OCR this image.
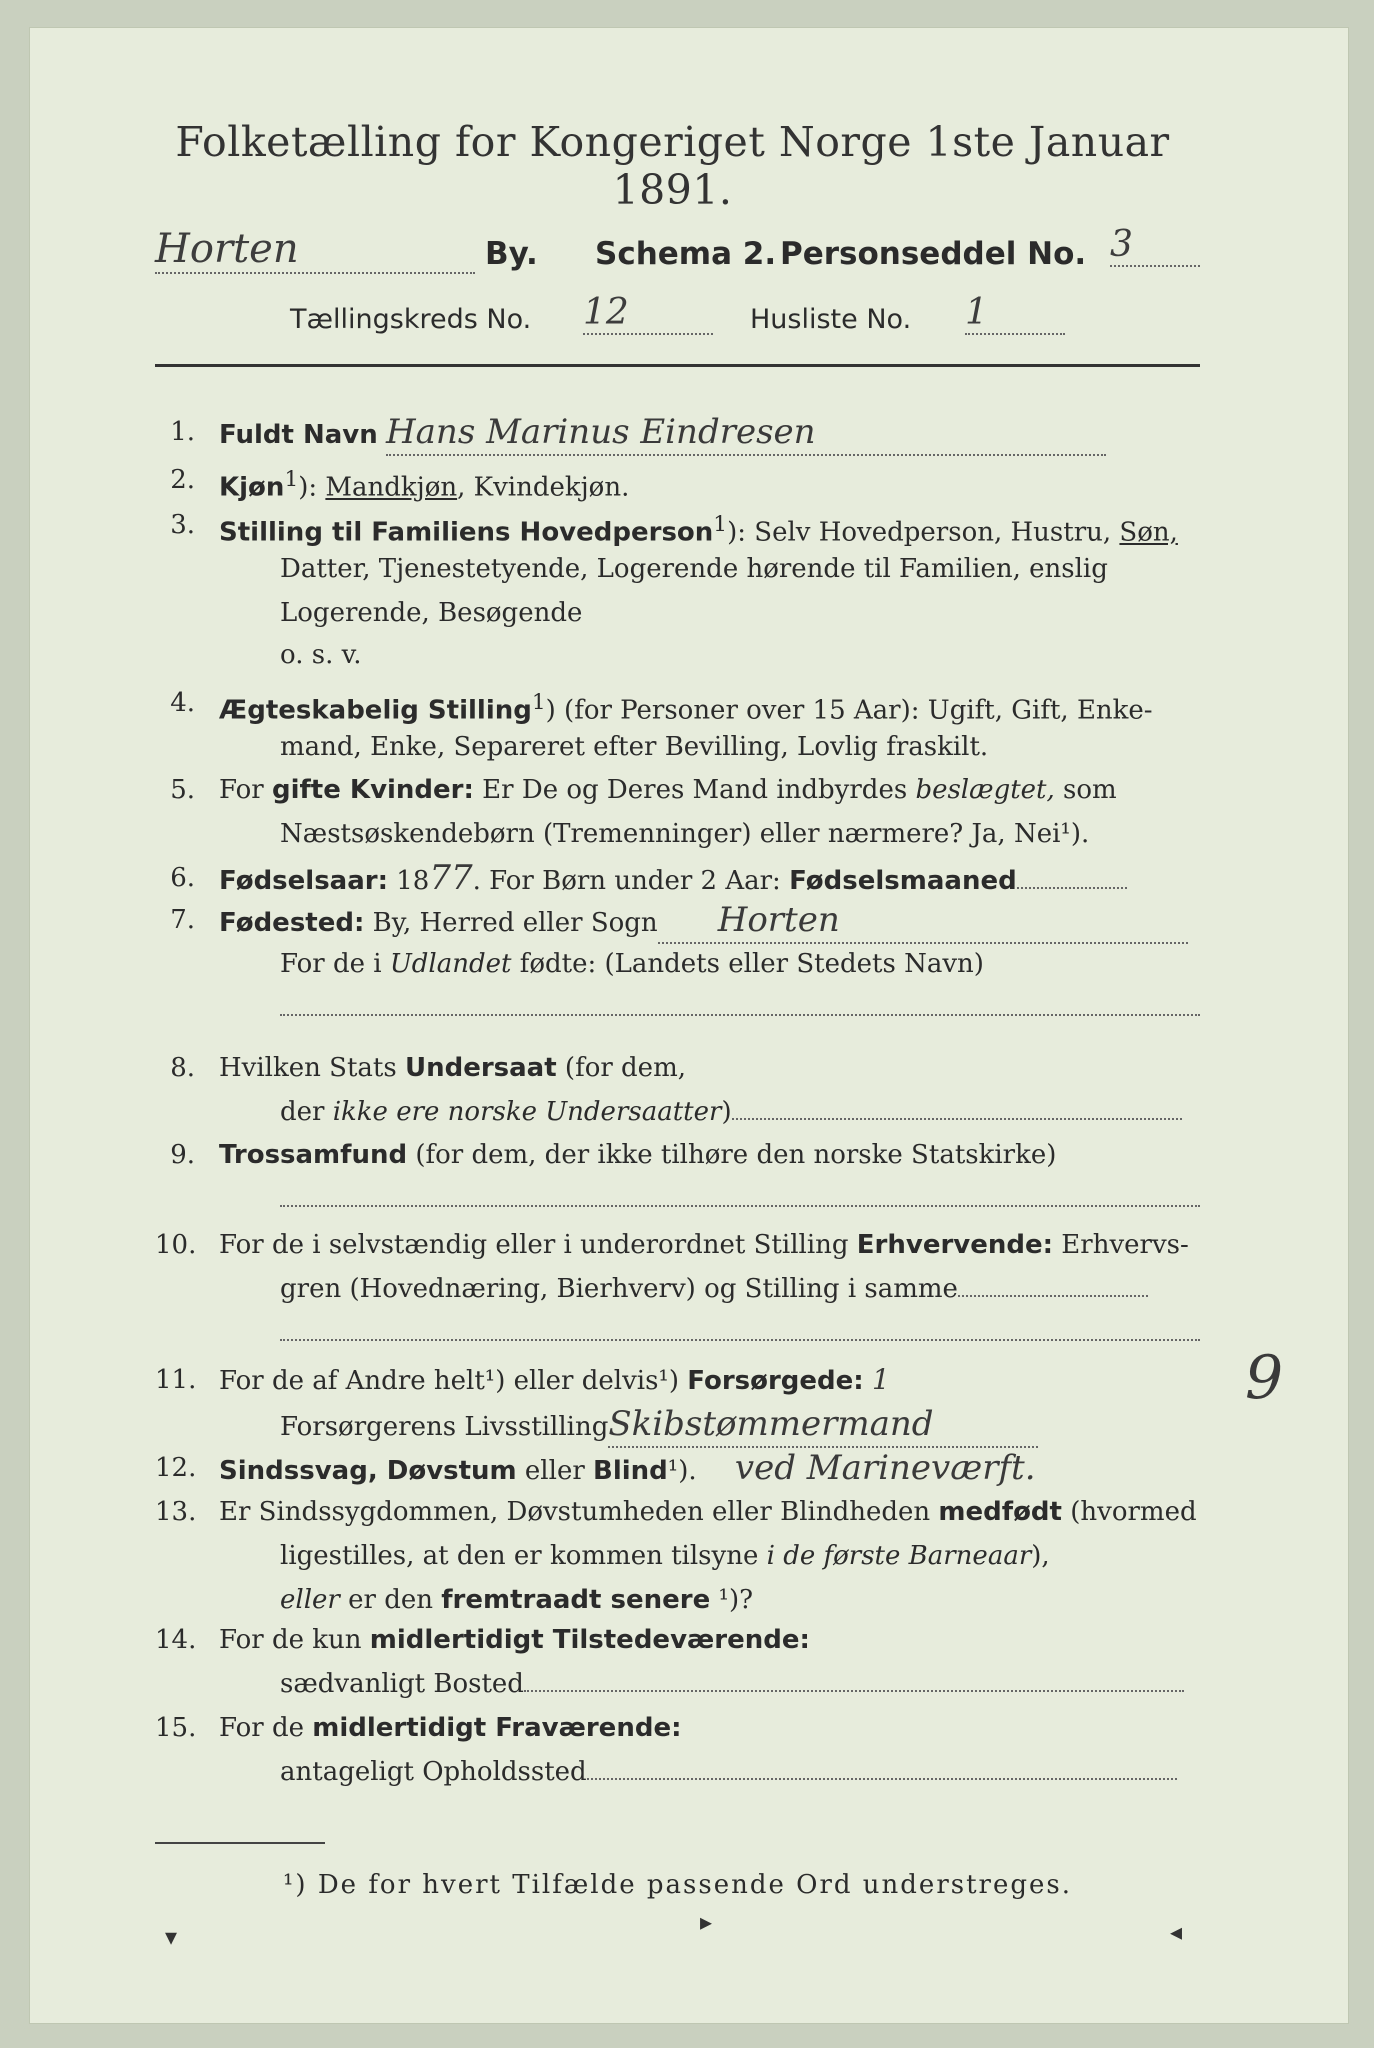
Folketælling for Kongeriget Norge 1ste Januar 1891.
Horten	By. Schema 2. Personseddel No. 3
Tællingskreds No. 12	Husliste No. 1
1. Fuldt Navn Hans Marinus Eindresen
2. Kjøn$^1$): Mandkjøn, Kvindekjøn.
3. Stilling til Familiens Hovedperson$^1$): Selv Hovedperson, Hustru, Søn,
Datter, Tjenestetyende, Logerende hørende til Familien, enslig
Logerende, Besøgende
o. s. v.
4. Ægteskabelig Stilling$^1$) (for Personer over 15 Aar): Ugift, Gift, Enke-
mand, Enke, Separeret efter Bevilling, Lovlig fraskilt.
5. For gifte Kvinder: Er De og Deres Mand indbyrdes beslægtet, som
Næstsøskendebørn (Tremenninger) eller nærmere? Ja, Nei¹).
6. Fødselsaar: 1877. For Børn under 2 Aar: Fødselsmaaned
7. Fødested: By, Herred eller Sogn Horten
For de i Udlandet fødte: (Landets eller Stedets Navn)
8. Hvilken Stats Undersaat (for dem,
der ikke ere norske Undersaatter)
9. Trossamfund (for dem, der ikke tilhøre den norske Statskirke)
10. For de i selvstændig eller i underordnet Stilling Erhvervende: Erhvervs-
gren (Hovednæring, Bierhverv) og Stilling i samme
11. For de af Andre helt¹) eller delvis¹) Forsørgede: 1
Forsørgerens LivsstillingSkibstømmermand
12. Sindssvag, Døvstum eller Blind¹). ved Marineværft.
13. Er Sindssygdommen, Døvstumheden eller Blindheden medfødt (hvormed
ligestilles, at den er kommen tilsyne i de første Barneaar),
eller er den fremtraadt senere ¹)?
14. For de kun midlertidigt Tilstedeværende:
sædvanligt Bosted
15. For de midlertidigt Fraværende:
antageligt Opholdssted
¹) De for hvert Tilfælde passende Ord understreges.
9
▾
▸	◂
